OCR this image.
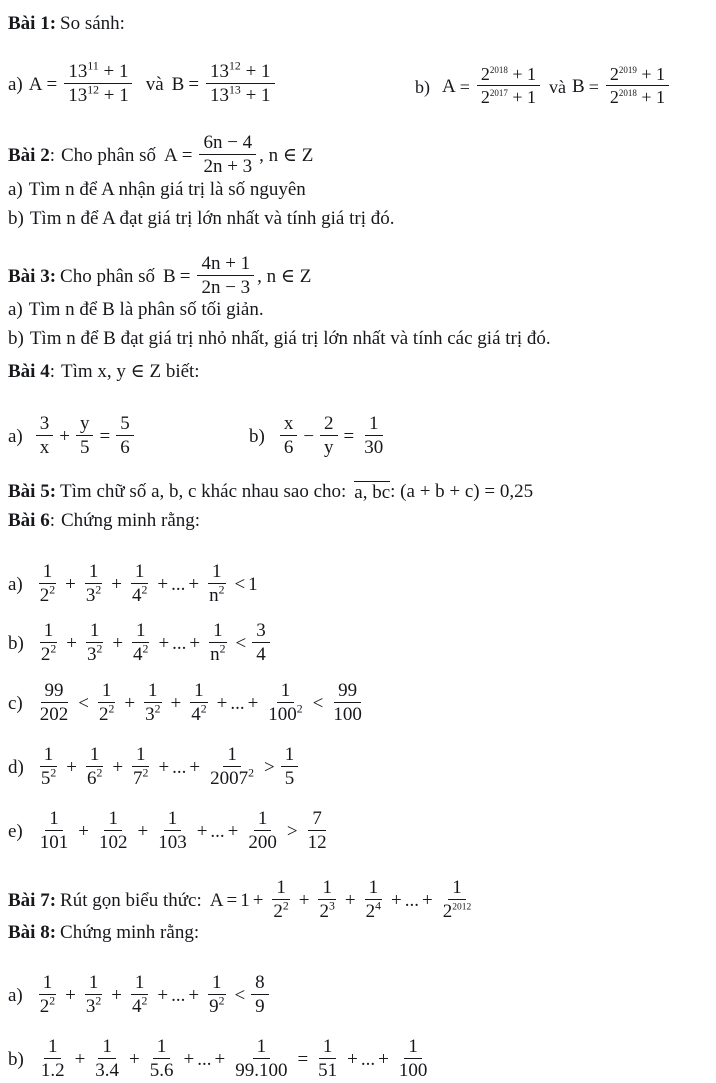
Bài 1: So sánh:
a) $A = \frac{13^{11} + 1}{13^{12} + 1}$ và $B = \frac{13^{12} + 1}{13^{13} + 1}$	b) $A = \frac{2^{2018} + 1}{2^{2017} + 1}$ và $B = \frac{2^{2019} + 1}{2^{2018} + 1}$
Bài 2 : Cho phân số $A = \frac{6n - 4}{2n + 3}$ , n ∈ Z
a) Tìm n để A nhận giá trị là số nguyên
b) Tìm n để A đạt giá trị lớn nhất và tính giá trị đó.
Bài 3: Cho phân số $B = \frac{4n + 1}{2n - 3}$ , n ∈ Z
a) Tìm n để B là phân số tối giản.
b) Tìm n để B đạt giá trị nhỏ nhất, giá trị lớn nhất và tính các giá trị đó.
Bài 4 : Tìm x, y ∈ Z biết:
$a) \frac{3}{x} + \frac{y}{5} = \frac{5}{6}$	$b) \frac{x}{6} - \frac{2}{y} = \frac{1}{30}$
Bài 5: Tìm chữ số a, b, c khác nhau sao cho: a, bc : (a + b + c) = 0,25
Bài 6 : Chứng minh rằng:
$a) \frac{1}{2^2} + \frac{1}{3^2} + \frac{1}{4^2}$ + ... + $\frac{1}{n^2} < 1$
$b) \frac{1}{2^2} + \frac{1}{3^2} + \frac{1}{4^2}$ + ... + $\frac{1}{n^2} < \frac{3}{4}$
$c) \frac{99}{202} < \frac{1}{2^2} + \frac{1}{3^2} + \frac{1}{4^2}$ + ... + $\frac{1}{100^2} < \frac{99}{100}$
$d) \frac{1}{5^2} + \frac{1}{6^2} + \frac{1}{7^2}$ + ... + $\frac{1}{2007^2} > \frac{1}{5}$
$e) \frac{1}{101} + \frac{1}{102} + \frac{1}{103}$ + ... + $\frac{1}{200} > \frac{7}{12}$
Bài 7: Rút gọn biểu thức: $A = 1 + \frac{1}{2^2} + \frac{1}{2^3} + \frac{1}{2^4}$ + ... + $\frac{1}{2^{2012}}$
Bài 8: Chứng minh rằng:
$a) \frac{1}{2^2} + \frac{1}{3^2} + \frac{1}{4^2}$ + ... + $\frac{1}{9^2} < \frac{8}{9}$
$b) \frac{1}{1.2} + \frac{1}{3.4} + \frac{1}{5.6}$ + ... + $\frac{1}{99.100} = \frac{1}{51}$ + ... + $\frac{1}{100}$
